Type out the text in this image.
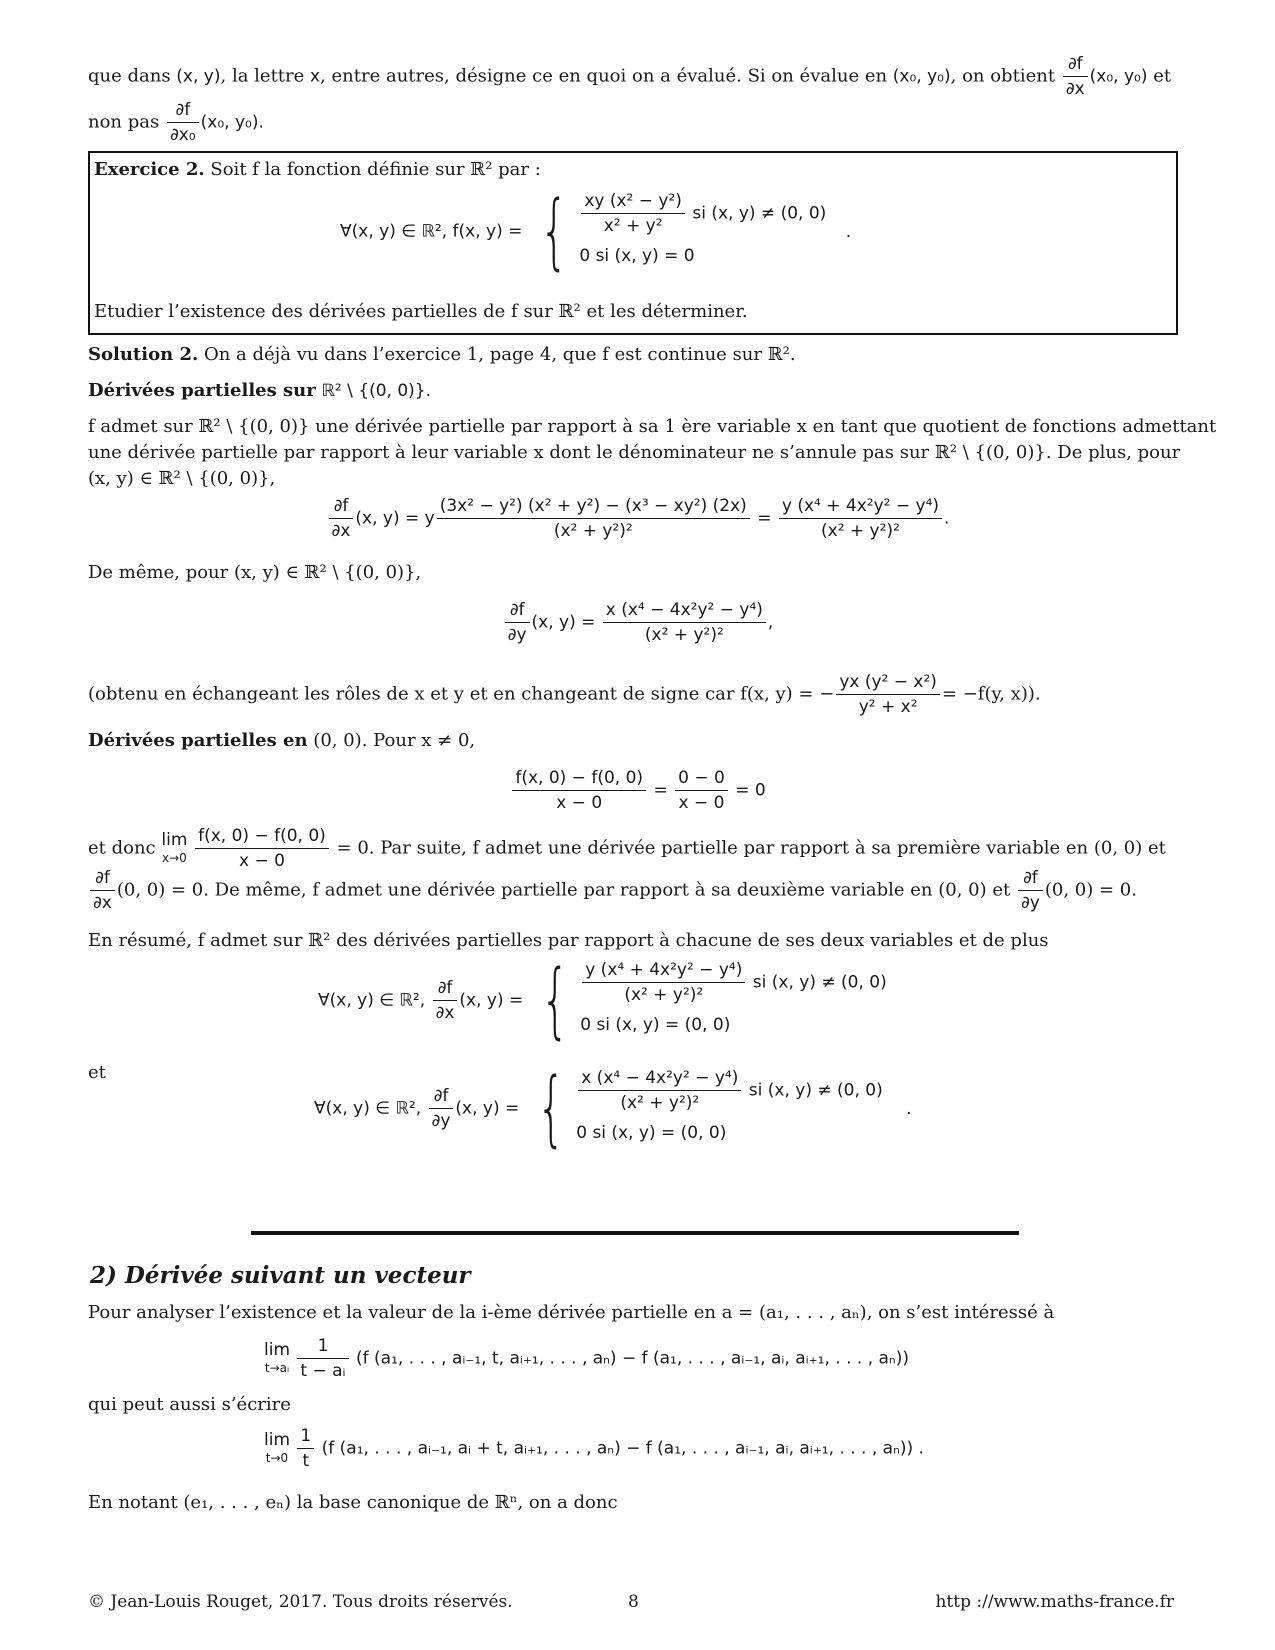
que dans (x, y), la lettre x, entre autres, désigne ce en quoi on a évalué. Si on évalue en (x₀, y₀), on obtient $\frac{\partial f}{\partial x} (x_0$, y₀) et
non pas $\frac{\partial f}{\text{∂x₀}} (x_0$, y₀).
Exercice 2. Soit f la fonction définie sur ℝ² par :
∀(x, y) ∈ ℝ², f(x, y) = { $\frac{\text{xy (x² − y²)}}{\text{x² + y²}}$ si (x, y) ≠ (0, 0)
0 si (x, y) = 0
.
Etudier l’existence des dérivées partielles de f sur ℝ² et les déterminer.
Solution 2. On a déjà vu dans l’exercice 1, page 4, que f est continue sur ℝ².
Dérivées partielles sur ℝ² \ {(0, 0)}.
f admet sur ℝ² \ {(0, 0)} une dérivée partielle par rapport à sa 1 ère variable x en tant que quotient de fonctions admettant
une dérivée partielle par rapport à leur variable x dont le dénominateur ne s’annule pas sur ℝ² \ {(0, 0)}. De plus, pour
(x, y) ∈ ℝ² \ {(0, 0)},
$\frac{\partial f}{\partial x} (x$, y) = y $\frac{\text{(3x² − y²) (x² + y²) − (x³ − xy²) (2x)}}{\text{(x² + y²)²}} = \frac{\text{y (x⁴ + 4x²y² − y⁴)}}{\text{(x² + y²)²}}$ .
De même, pour (x, y) ∈ ℝ² \ {(0, 0)},
$\frac{\partial f}{\partial y} (x$, $y) = \frac{\text{x (x⁴ − 4x²y² − y⁴)}}{\text{(x² + y²)²}}$ ,
(obtenu en échangeant les rôles de x et y et en changeant de signe car f(x, y) = − $\frac{\text{yx (y² − x²)}}{\text{y² + x²}} = -f(y$, x)).
Dérivées partielles en (0, 0). Pour x ≠ 0,
$\frac{f(x, 0) - f(0, 0)}{x - 0} = \frac{0 - 0}{x - 0} = 0$
et donc lim
x→0
$\frac{f(x, 0) - f(0, 0)}{x - 0} = 0$. Par suite, f admet une dérivée partielle par rapport à sa première variable en (0, 0) et
$\frac{\partial f}{\partial x} (0$, 0) = 0. De même, f admet une dérivée partielle par rapport à sa deuxième variable en (0, 0) et $\frac{\partial f}{\partial y} (0$, 0) = 0.
En résumé, f admet sur ℝ² des dérivées partielles par rapport à chacune de ses deux variables et de plus
∀(x, y) ∈ ℝ², $\frac{\partial f}{\partial x} (x$, y) = { $\frac{\text{y (x⁴ + 4x²y² − y⁴)}}{\text{(x² + y²)²}}$ si (x, y) ≠ (0, 0)
0 si (x, y) = (0, 0)
et
∀(x, y) ∈ ℝ², $\frac{\partial f}{\partial y} (x$, y) = { $\frac{\text{x (x⁴ − 4x²y² − y⁴)}}{\text{(x² + y²)²}}$ si (x, y) ≠ (0, 0)
0 si (x, y) = (0, 0)
.
2) Dérivée suivant un vecteur
Pour analyser l’existence et la valeur de la i-ème dérivée partielle en a = (a₁, . . . , aₙ), on s’est intéressé à
lim
t→aᵢ
$\frac{1}{\text{t − aᵢ}} (f$ (a₁, . . . , aᵢ₋₁, t, aᵢ₊₁, . . . , aₙ) − f (a₁, . . . , aᵢ₋₁, aᵢ, aᵢ₊₁, . . . , aₙ))
qui peut aussi s’écrire
lim
t→0
$\frac{1}{t} (f$ (a₁, . . . , aᵢ₋₁, aᵢ + t, aᵢ₊₁, . . . , aₙ) − f (a₁, . . . , aᵢ₋₁, aᵢ, aᵢ₊₁, . . . , aₙ)) .
En notant (e₁, . . . , eₙ) la base canonique de ℝⁿ, on a donc
© Jean-Louis Rouget, 2017. Tous droits réservés.	8	http ://www.maths-france.fr
